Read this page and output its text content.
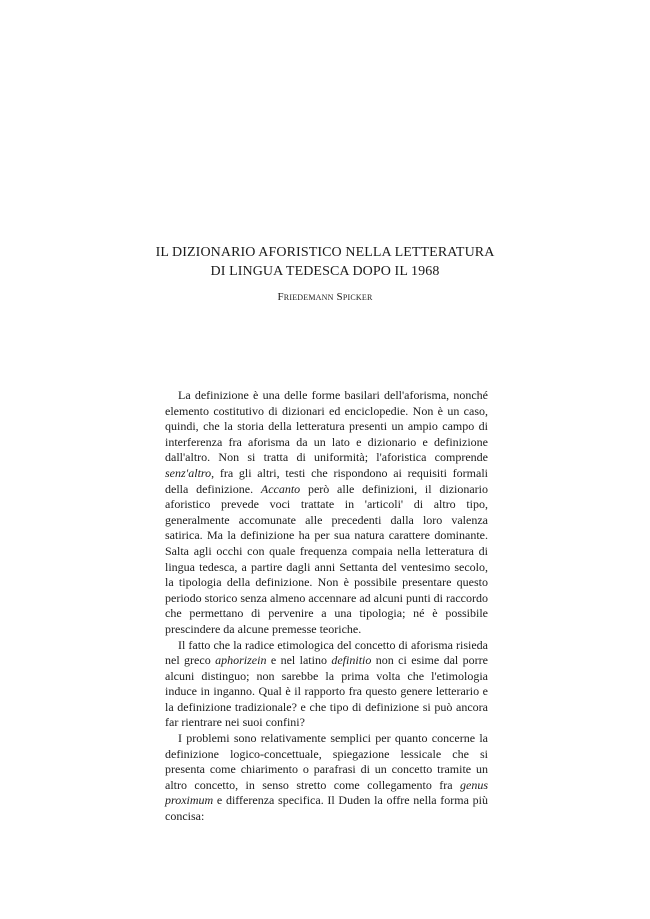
IL DIZIONARIO AFORISTICO NELLA LETTERATURA
DI LINGUA TEDESCA DOPO IL 1968
Friedemann Spicker

La definizione è una delle forme basilari dell'aforisma, nonché elemento costitutivo di dizionari ed enciclopedie. Non è un caso, quindi, che la storia della letteratura presenti un ampio campo di interferenza fra aforisma da un lato e dizionario e definizione dall'altro. Non si tratta di uniformità; l'aforistica comprende senz'altro, fra gli altri, testi che rispondono ai requisiti formali della definizione. Accanto però alle definizioni, il dizionario aforistico prevede voci trattate in 'articoli' di altro tipo, generalmente accomunate alle precedenti dalla loro valenza satirica. Ma la definizione ha per sua natura carattere dominante. Salta agli occhi con quale frequenza compaia nella letteratura di lingua tedesca, a partire dagli anni Settanta del ventesimo secolo, la tipologia della definizione. Non è possibile presentare questo periodo storico senza almeno accennare ad alcuni punti di raccordo che permettano di pervenire a una tipologia; né è possibile prescindere da alcune premesse teoriche.

Il fatto che la radice etimologica del concetto di aforisma risieda nel greco aphorizein e nel latino definitio non ci esime dal porre alcuni distinguo; non sarebbe la prima volta che l'etimologia induce in inganno. Qual è il rapporto fra questo genere letterario e la definizione tradizionale? e che tipo di definizione si può ancora far rientrare nei suoi confini?

I problemi sono relativamente semplici per quanto concerne la definizione logico-concettuale, spiegazione lessicale che si presenta come chiarimento o parafrasi di un concetto tramite un altro concetto, in senso stretto come collegamento fra genus proximum e differenza specifica. Il Duden la offre nella forma più concisa:
